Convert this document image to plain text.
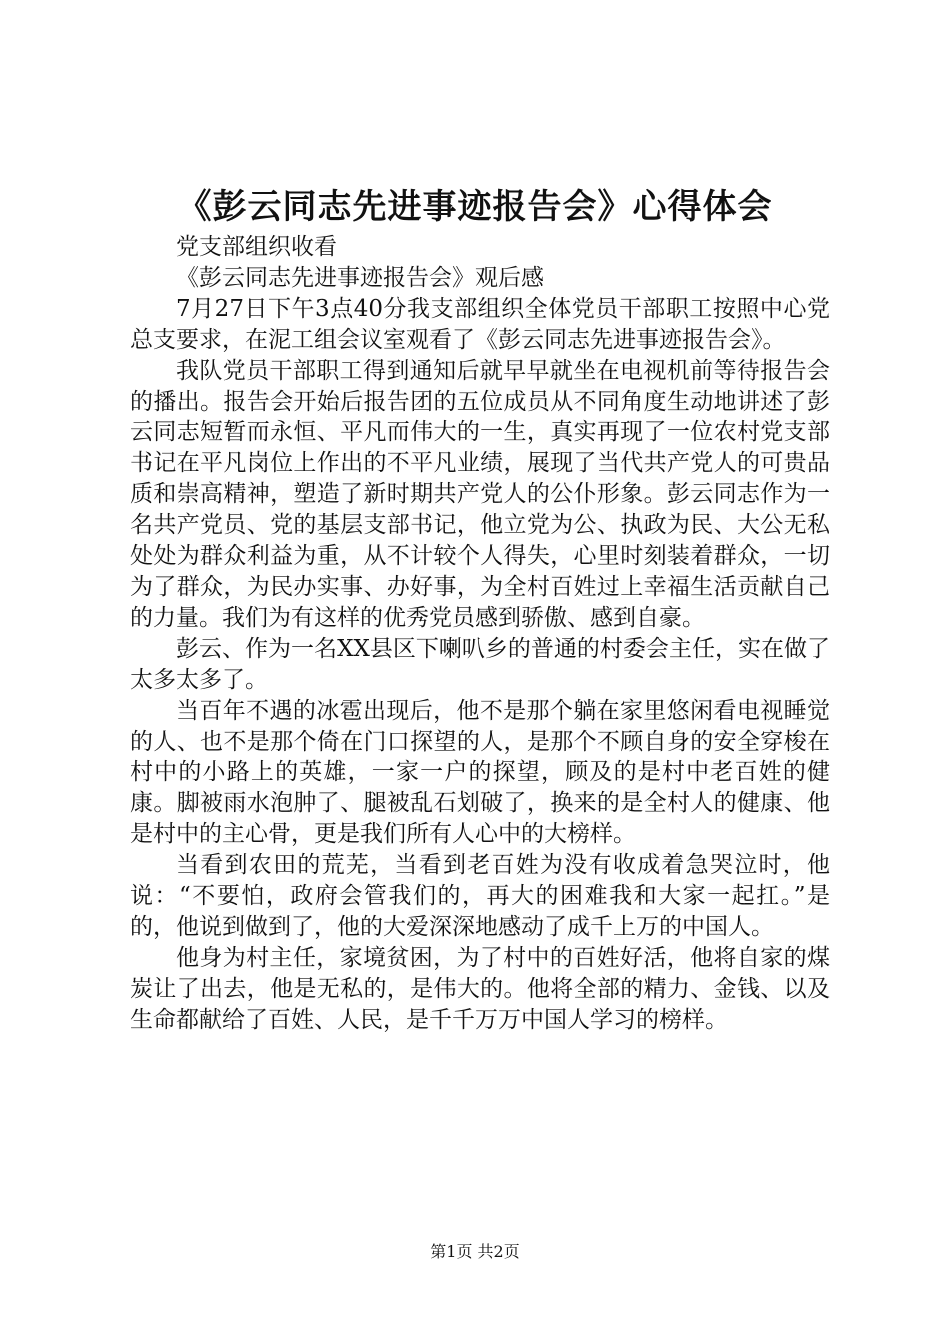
《彭云同志先进事迹报告会》心得体会

党支部组织收看

《彭云同志先进事迹报告会》观后感

7月27日下午3点40分我支部组织全体党员干部职工按照中心党总支要求，在泥工组会议室观看了《彭云同志先进事迹报告会》。

我队党员干部职工得到通知后就早早就坐在电视机前等待报告会的播出。报告会开始后报告团的五位成员从不同角度生动地讲述了彭云同志短暂而永恒、平凡而伟大的一生，真实再现了一位农村党支部书记在平凡岗位上作出的不平凡业绩，展现了当代共产党人的可贵品质和崇高精神，塑造了新时期共产党人的公仆形象。彭云同志作为一名共产党员、党的基层支部书记，他立党为公、执政为民、大公无私处处为群众利益为重，从不计较个人得失，心里时刻装着群众，一切为了群众，为民办实事、办好事，为全村百姓过上幸福生活贡献自己的力量。我们为有这样的优秀党员感到骄傲、感到自豪。

彭云、作为一名XX县区下喇叭乡的普通的村委会主任，实在做了太多太多了。

当百年不遇的冰雹出现后，他不是那个躺在家里悠闲看电视睡觉的人、也不是那个倚在门口探望的人，是那个不顾自身的安全穿梭在村中的小路上的英雄，一家一户的探望，顾及的是村中老百姓的健康。脚被雨水泡肿了、腿被乱石划破了，换来的是全村人的健康、他是村中的主心骨，更是我们所有人心中的大榜样。

当看到农田的荒芜，当看到老百姓为没有收成着急哭泣时，他说：“不要怕，政府会管我们的，再大的困难我和大家一起扛。”是的，他说到做到了，他的大爱深深地感动了成千上万的中国人。

他身为村主任，家境贫困，为了村中的百姓好活，他将自家的煤炭让了出去，他是无私的，是伟大的。他将全部的精力、金钱、以及生命都献给了百姓、人民，是千千万万中国人学习的榜样。

第1页 共2页
